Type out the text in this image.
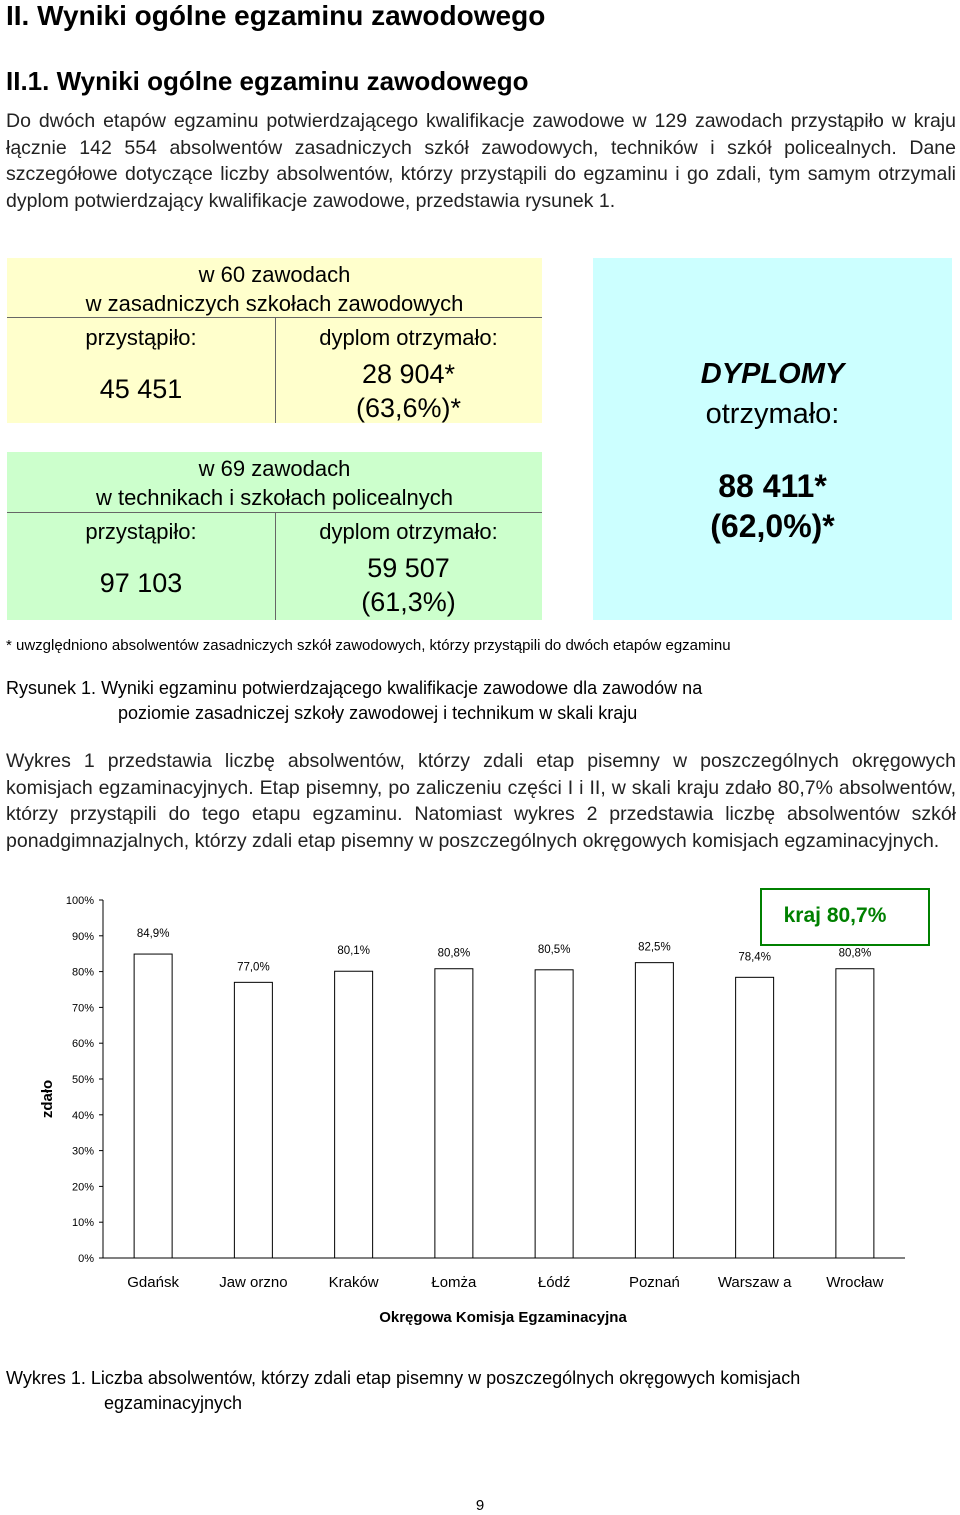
II. Wyniki ogólne egzaminu zawodowego
II.1. Wyniki ogólne egzaminu zawodowego
Do dwóch etapów egzaminu potwierdzającego kwalifikacje zawodowe w 129 zawodach przystąpiło w kraju łącznie 142 554 absolwentów zasadniczych szkół zawodowych, techników i szkół policealnych. Dane szczegółowe dotyczące liczby absolwentów, którzy przystąpili do egzaminu i go zdali, tym samym otrzymali dyplom potwierdzający kwalifikacje zawodowe, przedstawia rysunek 1.
w 60 zawodach
w zasadniczych szkołach zawodowych
przystąpiło:	dyplom otrzymało:
45 451	28 904*
(63,6%)*
w 69 zawodach
w technikach i szkołach policealnych
przystąpiło:	dyplom otrzymało:
97 103	59 507
(61,3%)
DYPLOMY
otrzymało:
88 411*
(62,0%)*
* uwzględniono absolwentów zasadniczych szkół zawodowych, którzy przystąpili do dwóch etapów egzaminu
Rysunek 1. Wyniki egzaminu potwierdzającego kwalifikacje zawodowe dla zawodów na
poziomie zasadniczej szkoły zawodowej i technikum w skali kraju
Wykres 1 przedstawia liczbę absolwentów, którzy zdali etap pisemny w poszczególnych okręgowych komisjach egzaminacyjnych. Etap pisemny, po zaliczeniu części I i II, w skali kraju zdało 80,7% absolwentów, którzy przystąpili do tego etapu egzaminu. Natomiast wykres 2 przedstawia liczbę absolwentów szkół ponadgimnazjalnych, którzy zdali etap pisemny w poszczególnych okręgowych komisjach egzaminacyjnych.
0%
10%
20%
30%
40%
50%
60%
70%
80%
90%
100%
84,9%
Gdańsk
77,0%
Jaw orzno
80,1%
Kraków
80,8%
Łomża
80,5%
Łódź
82,5%
Poznań
78,4%
Warszaw a
80,8%
Wrocław
zdało
Okręgowa Komisja Egzaminacyjna
kraj 80,7%
Wykres 1. Liczba absolwentów, którzy zdali etap pisemny w poszczególnych okręgowych komisjach
egzaminacyjnych
9
